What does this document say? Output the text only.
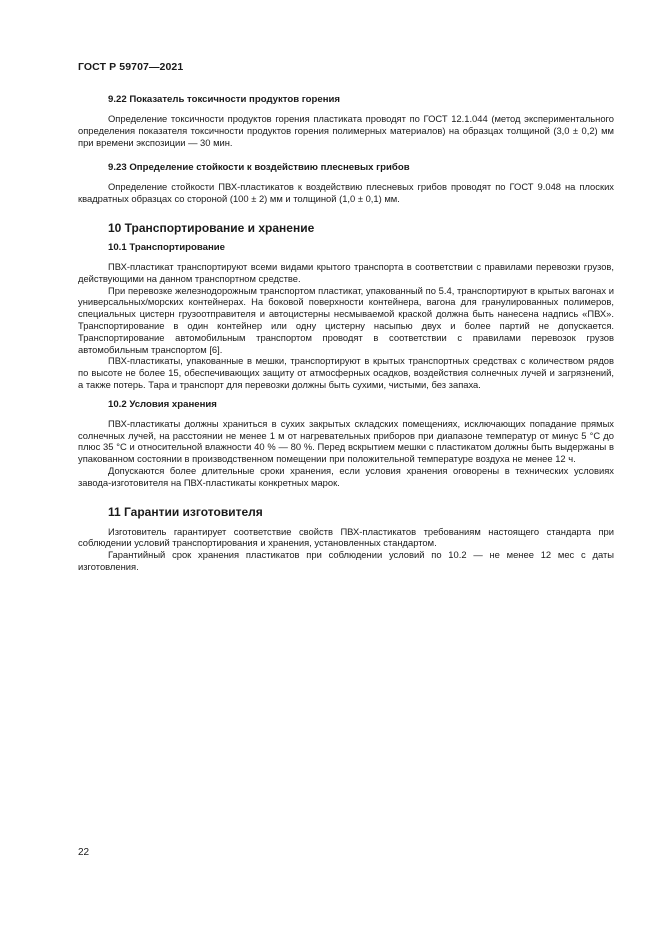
ГОСТ Р 59707—2021
9.22 Показатель токсичности продуктов горения

Определение токсичности продуктов горения пластиката проводят по ГОСТ 12.1.044 (метод экспериментального определения показателя токсичности продуктов горения полимерных материалов) на образцах толщиной (3,0 ± 0,2) мм при времени экспозиции — 30 мин.

9.23 Определение стойкости к воздействию плесневых грибов

Определение стойкости ПВХ-пластикатов к воздействию плесневых грибов проводят по ГОСТ 9.048 на плоских квадратных образцах со стороной (100 ± 2) мм и толщиной (1,0 ± 0,1) мм.

10 Транспортирование и хранение
10.1 Транспортирование

ПВХ-пластикат транспортируют всеми видами крытого транспорта в соответствии с правилами перевозки грузов, действующими на данном транспортном средстве.

При перевозке железнодорожным транспортом пластикат, упакованный по 5.4, транспортируют в крытых вагонах и универсальных/морских контейнерах. На боковой поверхности контейнера, вагона для гранулированных полимеров, специальных цистерн грузоотправителя и автоцистерны несмываемой краской должна быть нанесена надпись «ПВХ». Транспортирование в один контейнер или одну цистерну насыпью двух и более партий не допускается. Транспортирование автомобильным транспортом проводят в соответствии с правилами перевозок грузов автомобильным транспортом [6].

ПВХ-пластикаты, упакованные в мешки, транспортируют в крытых транспортных средствах с количеством рядов по высоте не более 15, обеспечивающих защиту от атмосферных осадков, воздействия солнечных лучей и загрязнений, а также потерь. Тара и транспорт для перевозки должны быть сухими, чистыми, без запаха.

10.2 Условия хранения

ПВХ-пластикаты должны храниться в сухих закрытых складских помещениях, исключающих попадание прямых солнечных лучей, на расстоянии не менее 1 м от нагревательных приборов при диапазоне температур от минус 5 °С до плюс 35 °С и относительной влажности 40 % — 80 %. Перед вскрытием мешки с пластикатом должны быть выдержаны в упакованном состоянии в производственном помещении при положительной температуре воздуха не менее 12 ч.

Допускаются более длительные сроки хранения, если условия хранения оговорены в технических условиях завода-изготовителя на ПВХ-пластикаты конкретных марок.

11 Гарантии изготовителя

Изготовитель гарантирует соответствие свойств ПВХ-пластикатов требованиям настоящего стандарта при соблюдении условий транспортирования и хранения, установленных стандартом.

Гарантийный срок хранения пластикатов при соблюдении условий по 10.2 — не менее 12 мес с даты изготовления.

22
